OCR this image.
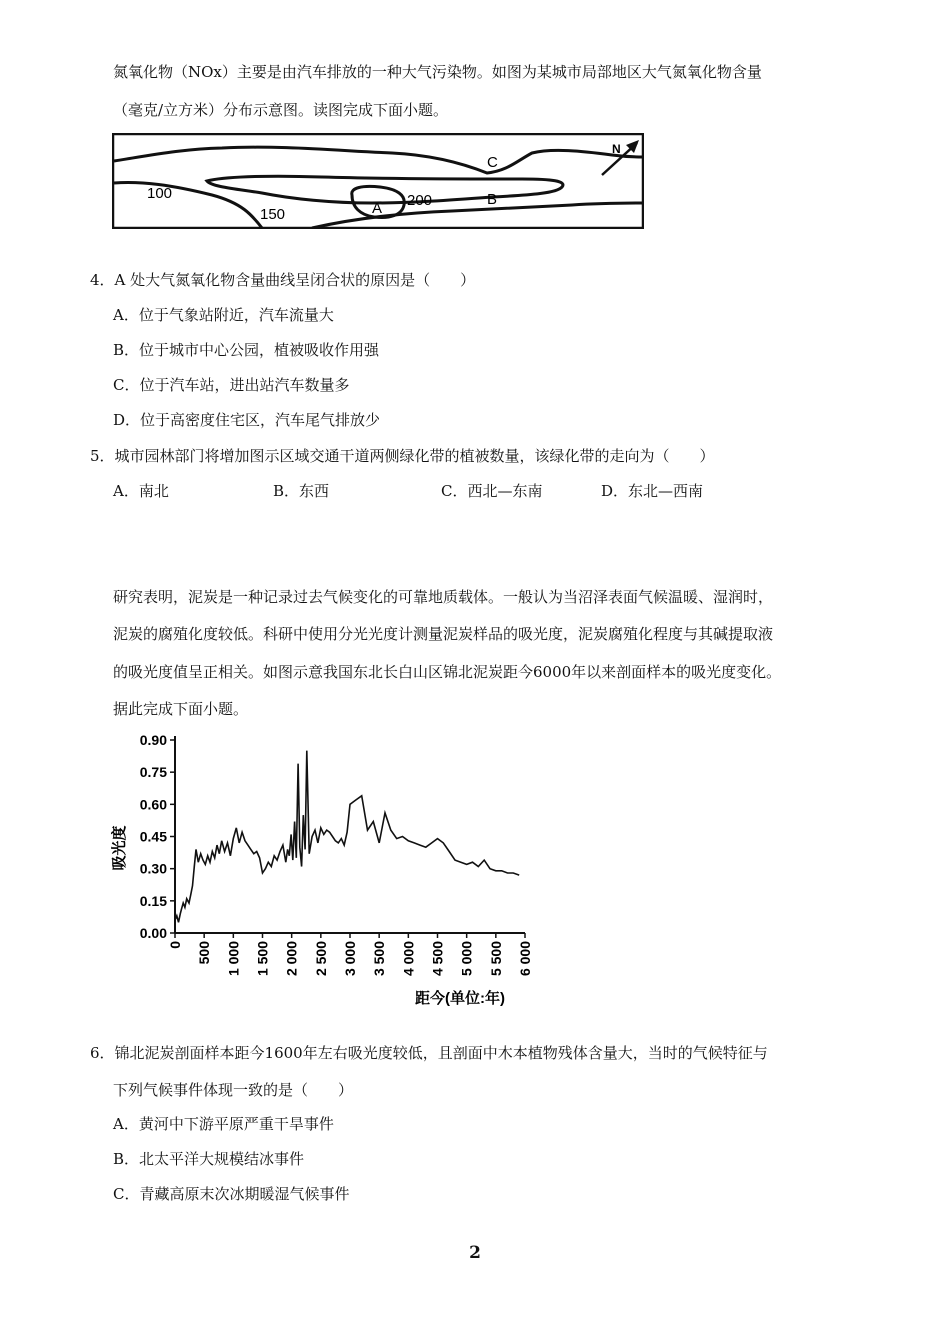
氮氧化物（NOx）主要是由汽车排放的一种大气污染物。如图为某城市局部地区大气氮氧化物含量
（毫克/立方米）分布示意图。读图完成下面小题。
C
100
150	A 200	B
N
4．A 处大气氮氧化物含量曲线呈闭合状的原因是（　　）
A．位于气象站附近，汽车流量大
B．位于城市中心公园，植被吸收作用强
C．位于汽车站，进出站汽车数量多
D．位于高密度住宅区，汽车尾气排放少
5．城市园林部门将增加图示区域交通干道两侧绿化带的植被数量，该绿化带的走向为（　　）
A．南北	B．东西	C．西北—东南	D．东北—西南
研究表明，泥炭是一种记录过去气候变化的可靠地质载体。一般认为当沼泽表面气候温暖、湿润时，
泥炭的腐殖化度较低。科研中使用分光光度计测量泥炭样品的吸光度，泥炭腐殖化程度与其碱提取液
的吸光度值呈正相关。如图示意我国东北长白山区锦北泥炭距今6000年以来剖面样本的吸光度变化。
据此完成下面小题。
0.90
0.75
0.60
0.45
0.30
0.15
0.00
0 500 1 000 1 500 2 000 2 500 3 000 3 500 4 000 4 500 5 000 5 500 6 000
吸光度
距今(单位:年)
6．锦北泥炭剖面样本距今1600年左右吸光度较低，且剖面中木本植物残体含量大，当时的气候特征与
下列气候事件体现一致的是（　　）
A．黄河中下游平原严重干旱事件
B．北太平洋大规模结冰事件
C．青藏高原末次冰期暖湿气候事件
2
